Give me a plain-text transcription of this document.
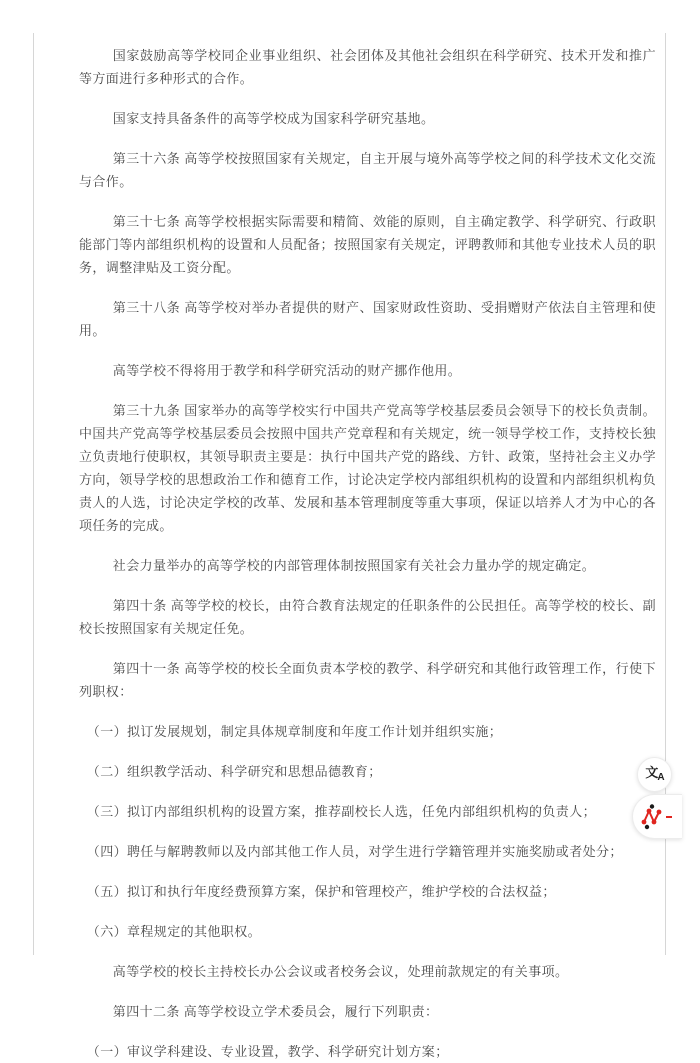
国家鼓励高等学校同企业事业组织、社会团体及其他社会组织在科学研究、技术开发和推广等方面进行多种形式的合作。

国家支持具备条件的高等学校成为国家科学研究基地。

第三十六条 高等学校按照国家有关规定，自主开展与境外高等学校之间的科学技术文化交流与合作。

第三十七条 高等学校根据实际需要和精简、效能的原则，自主确定教学、科学研究、行政职能部门等内部组织机构的设置和人员配备；按照国家有关规定，评聘教师和其他专业技术人员的职务，调整津贴及工资分配。

第三十八条 高等学校对举办者提供的财产、国家财政性资助、受捐赠财产依法自主管理和使用。

高等学校不得将用于教学和科学研究活动的财产挪作他用。

第三十九条 国家举办的高等学校实行中国共产党高等学校基层委员会领导下的校长负责制。中国共产党高等学校基层委员会按照中国共产党章程和有关规定，统一领导学校工作，支持校长独立负责地行使职权，其领导职责主要是：执行中国共产党的路线、方针、政策，坚持社会主义办学方向，领导学校的思想政治工作和德育工作，讨论决定学校内部组织机构的设置和内部组织机构负责人的人选，讨论决定学校的改革、发展和基本管理制度等重大事项，保证以培养人才为中心的各项任务的完成。

社会力量举办的高等学校的内部管理体制按照国家有关社会力量办学的规定确定。

第四十条 高等学校的校长，由符合教育法规定的任职条件的公民担任。高等学校的校长、副校长按照国家有关规定任免。

第四十一条 高等学校的校长全面负责本学校的教学、科学研究和其他行政管理工作，行使下列职权：

（一）拟订发展规划，制定具体规章制度和年度工作计划并组织实施；

（二）组织教学活动、科学研究和思想品德教育；

（三）拟订内部组织机构的设置方案，推荐副校长人选，任免内部组织机构的负责人；

（四）聘任与解聘教师以及内部其他工作人员，对学生进行学籍管理并实施奖励或者处分；

（五）拟订和执行年度经费预算方案，保护和管理校产，维护学校的合法权益；

（六）章程规定的其他职权。

高等学校的校长主持校长办公会议或者校务会议，处理前款规定的有关事项。

第四十二条 高等学校设立学术委员会，履行下列职责：

（一）审议学科建设、专业设置，教学、科学研究计划方案；

文$_A$
